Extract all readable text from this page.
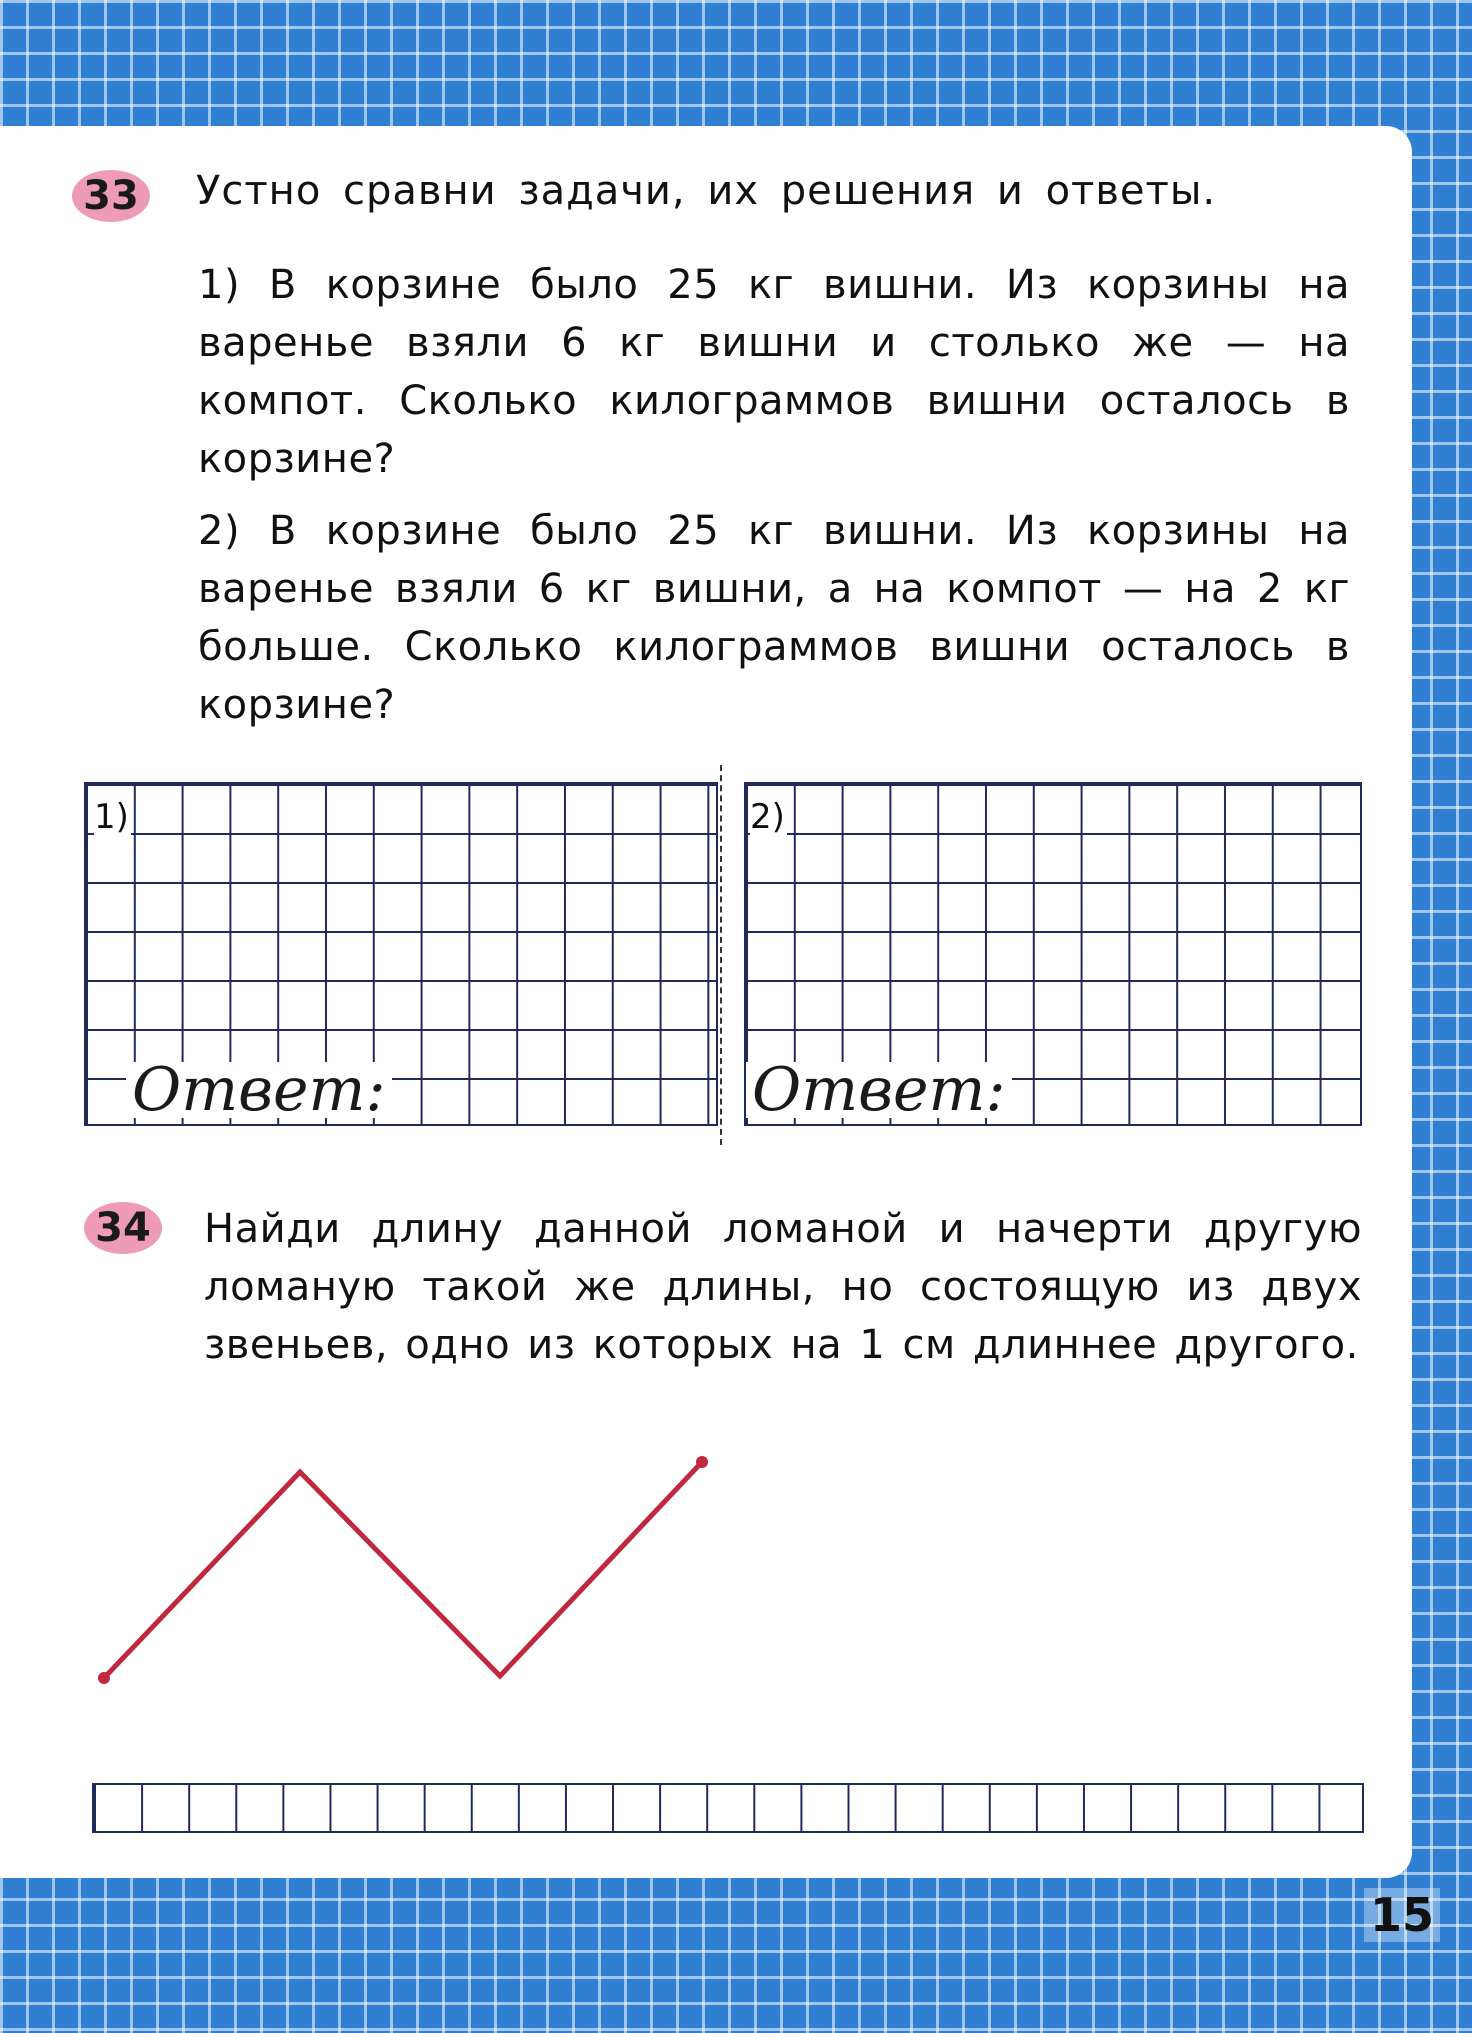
33 Устно сравни задачи, их решения и ответы.

1) В корзине было 25 кг вишни. Из корзины на варенье взяли 6 кг вишни и столько же — на компот. Сколько килограммов вишни осталось в корзине?

2) В корзине было 25 кг вишни. Из корзины на варенье взяли 6 кг вишни, а на компот — на 2 кг больше. Сколько килограммов вишни осталось в корзине?

1)
Ответ:
2)
Ответ:
34 Найди длину данной ломаной и начерти другую ломаную такой же длины, но состоящую из двух звеньев, одно из которых на 1 см длиннее другого.

15
